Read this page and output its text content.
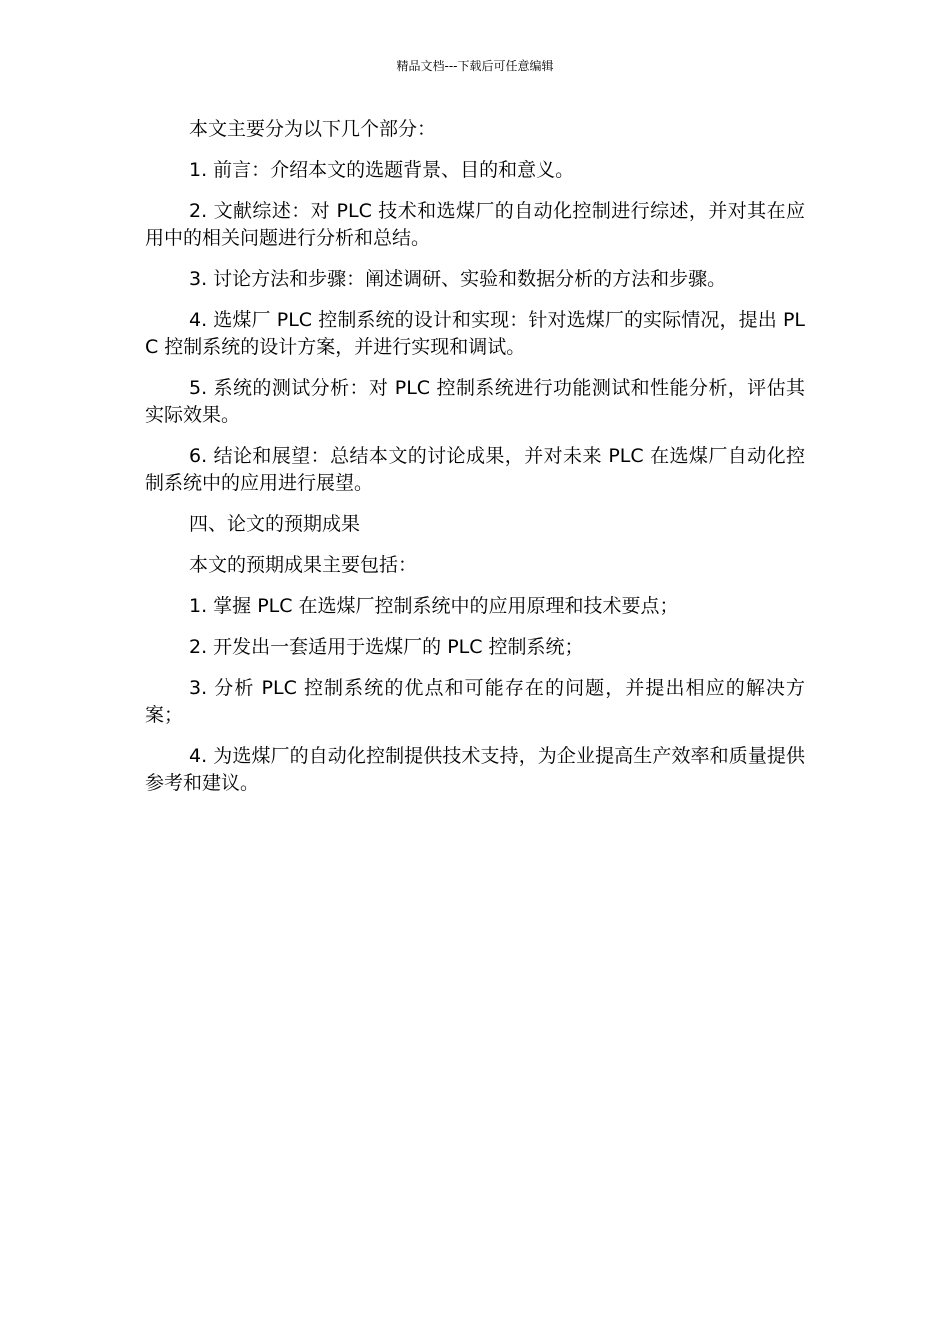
精品文档---下载后可任意编辑

本文主要分为以下几个部分：

1. 前言：介绍本文的选题背景、目的和意义。

2. 文献综述：对 PLC 技术和选煤厂的自动化控制进行综述，并对其在应用中的相关问题进行分析和总结。

3. 讨论方法和步骤：阐述调研、实验和数据分析的方法和步骤。

4. 选煤厂 PLC 控制系统的设计和实现：针对选煤厂的实际情况，提出 PLC 控制系统的设计方案，并进行实现和调试。

5. 系统的测试分析：对 PLC 控制系统进行功能测试和性能分析，评估其实际效果。

6. 结论和展望：总结本文的讨论成果，并对未来 PLC 在选煤厂自动化控制系统中的应用进行展望。

四、论文的预期成果

本文的预期成果主要包括：

1. 掌握 PLC 在选煤厂控制系统中的应用原理和技术要点；

2. 开发出一套适用于选煤厂的 PLC 控制系统；

3. 分析 PLC 控制系统的优点和可能存在的问题，并提出相应的解决方案；

4. 为选煤厂的自动化控制提供技术支持，为企业提高生产效率和质量提供参考和建议。
